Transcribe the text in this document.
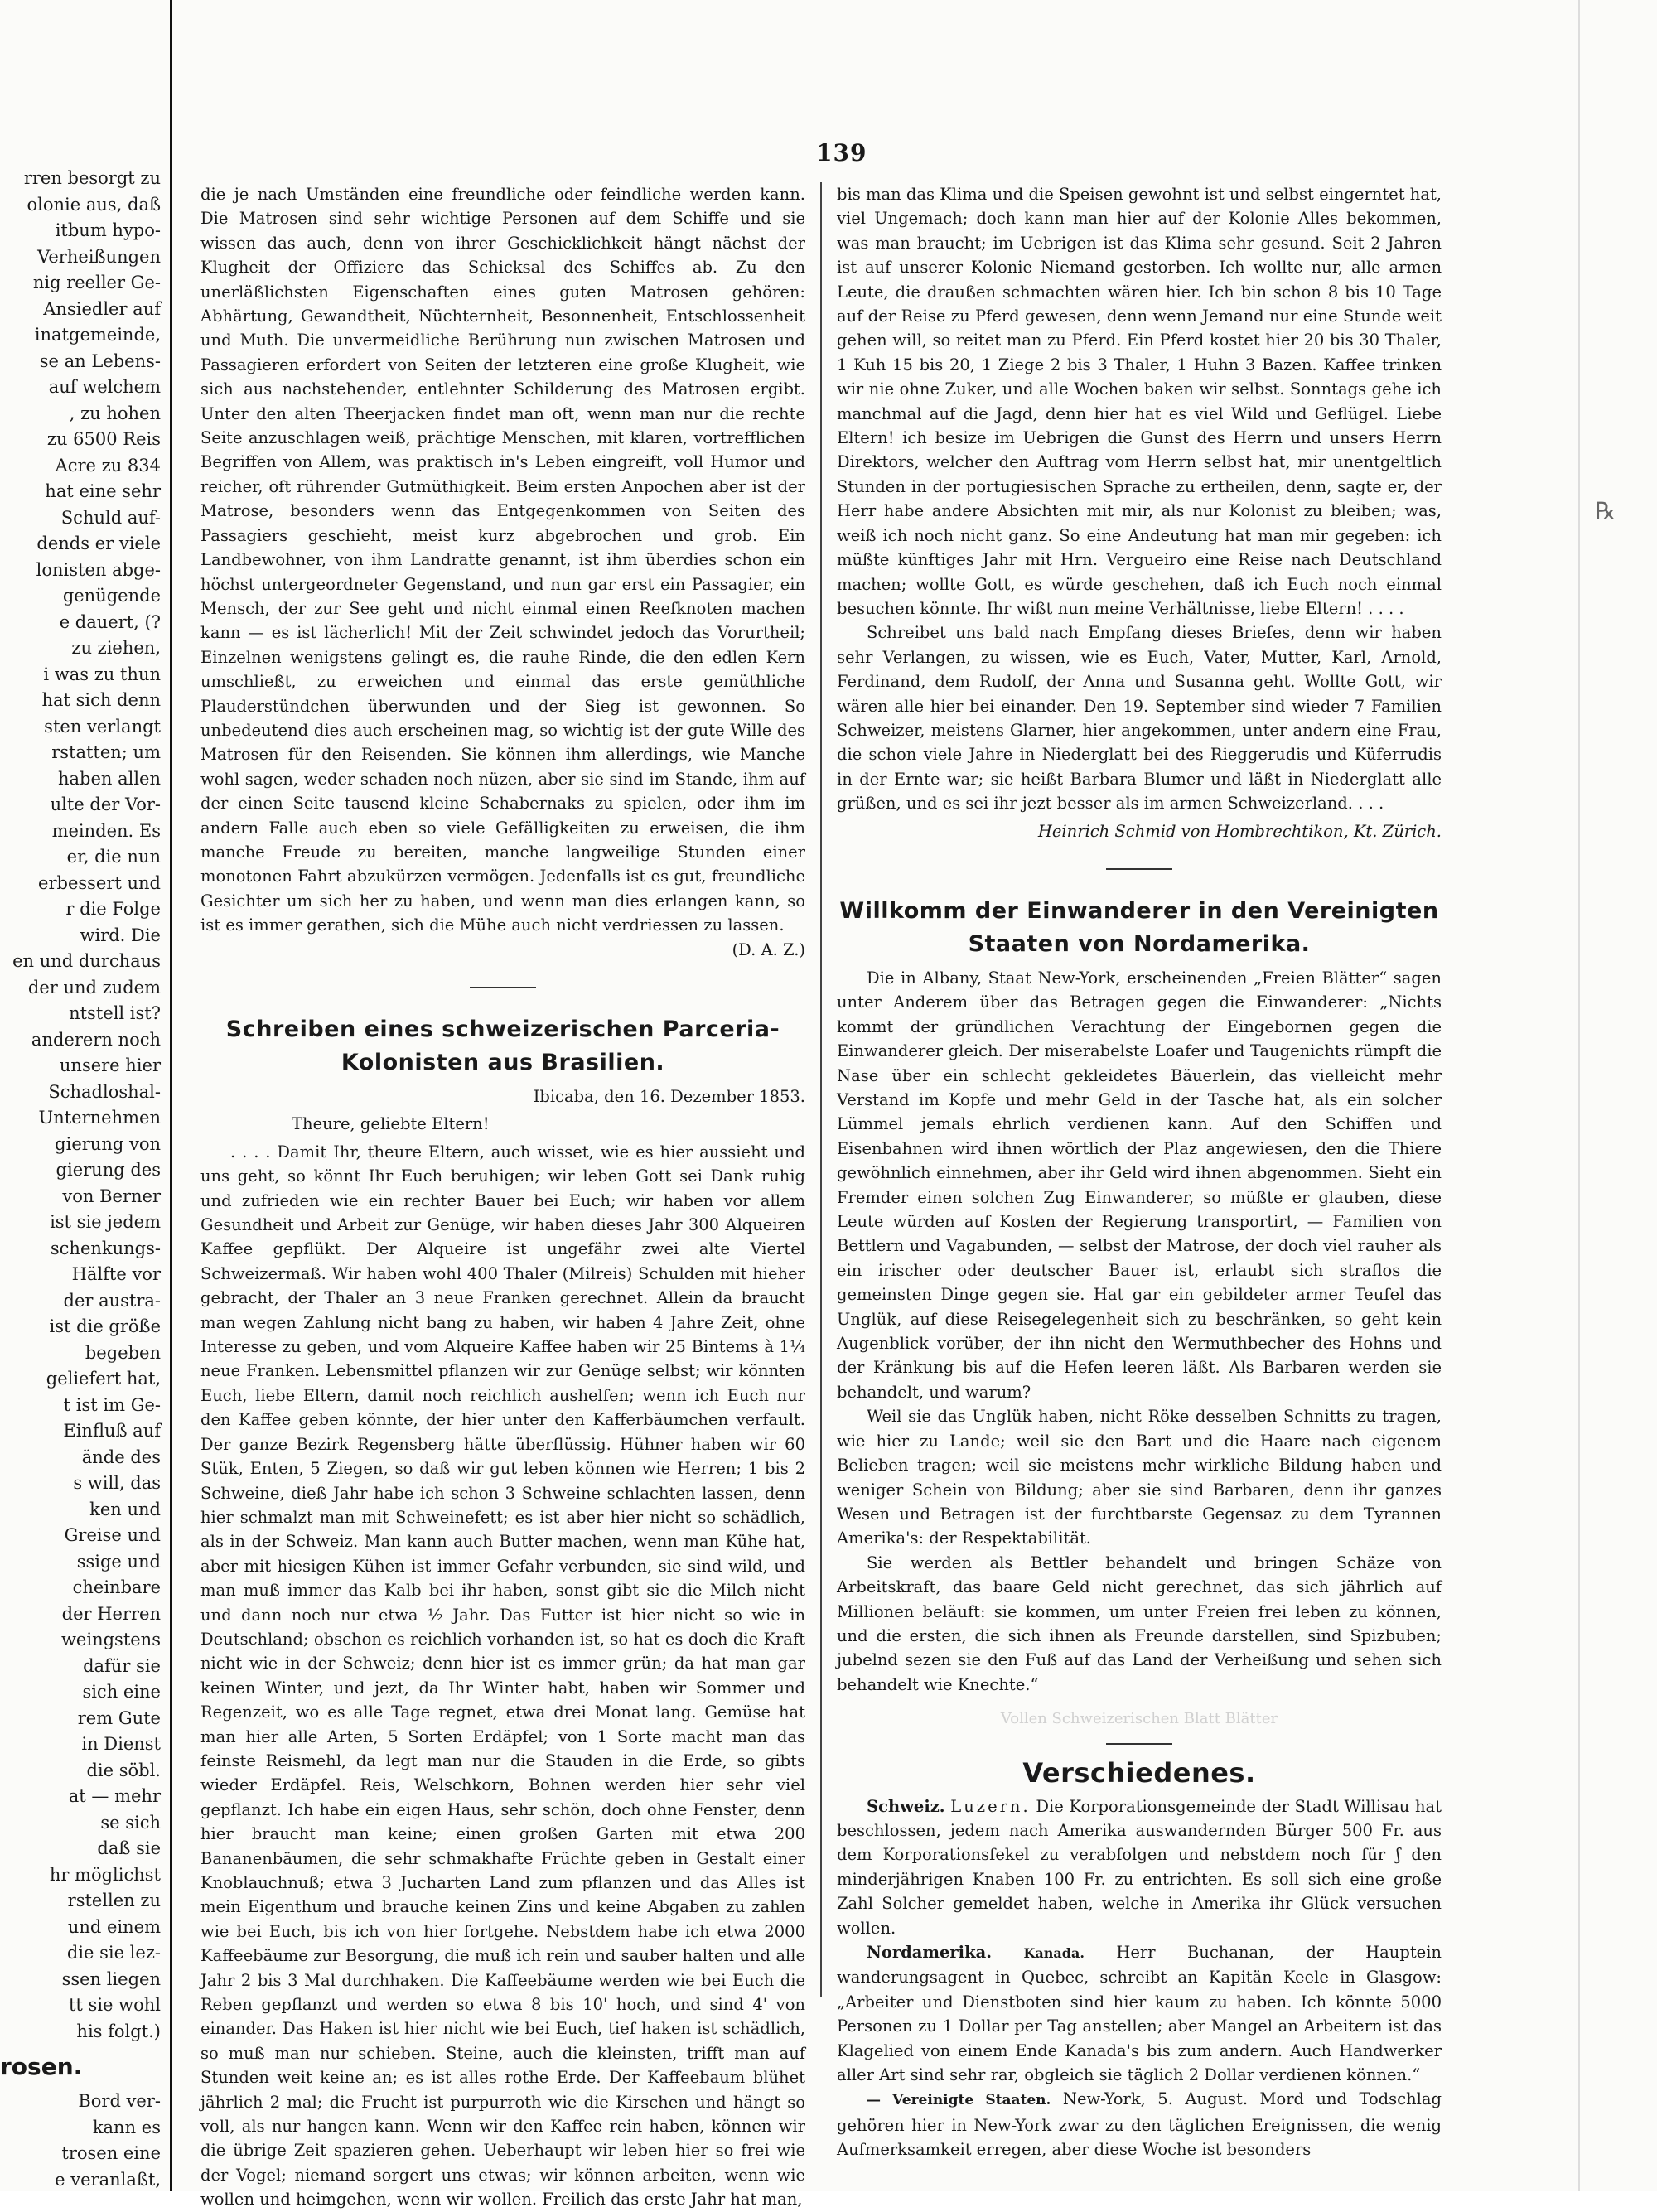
rren besorgt zu
olonie aus, daß
itbum hypo-
Verheißungen
nig reeller Ge-
Ansiedler auf
inatgemeinde,
se an Lebens-
auf welchem
, zu hohen
zu 6500 Reis
Acre zu 834
hat eine sehr
Schuld auf-
dends er viele
lonisten abge-
genügende
e dauert, (?
zu ziehen,
i was zu thun
hat sich denn
sten verlangt
rstatten; um
haben allen
ulte der Vor-
meinden. Es
er, die nun
erbessert und
r die Folge
wird. Die
en und durchaus
der und zudem
ntstell ist?
anderern noch
unsere hier
Schadloshal-
Unternehmen
gierung von
gierung des
von Berner
ist sie jedem
schenkungs-
Hälfte vor
der austra-
ist die größe
begeben
geliefert hat,
t ist im Ge-
Einfluß auf
ände des
s will, das
ken und
Greise und
ssige und
cheinbare
der Herren
weingstens
dafür sie
sich eine
rem Gute
in Dienst
die söbl.
at — mehr
se sich
daß sie
hr möglichst
rstellen zu
und einem
die sie lez-
ssen liegen
tt sie wohl
his folgt.)
rosen.
Bord ver-
kann es
trosen eine
e veranlaßt,
139

die je nach Umständen eine freundliche oder feindliche werden kann. Die Matrosen sind sehr wichtige Personen auf dem Schiffe und sie wissen das auch, denn von ihrer Geschicklichkeit hängt nächst der Klugheit der Offiziere das Schicksal des Schiffes ab. Zu den unerläßlichsten Eigenschaften eines guten Matrosen gehören: Abhärtung, Gewandtheit, Nüchternheit, Besonnenheit, Entschlossenheit und Muth. Die unvermeidliche Berührung nun zwischen Matrosen und Passagieren erfordert von Seiten der letzteren eine große Klugheit, wie sich aus nachstehender, entlehnter Schilderung des Matrosen ergibt. Unter den alten Theerjacken findet man oft, wenn man nur die rechte Seite anzuschlagen weiß, prächtige Menschen, mit klaren, vortrefflichen Begriffen von Allem, was praktisch in's Leben eingreift, voll Humor und reicher, oft rührender Gutmüthigkeit. Beim ersten Anpochen aber ist der Matrose, besonders wenn das Entgegenkommen von Seiten des Passagiers geschieht, meist kurz abgebrochen und grob. Ein Landbewohner, von ihm Landratte genannt, ist ihm überdies schon ein höchst untergeordneter Gegenstand, und nun gar erst ein Passagier, ein Mensch, der zur See geht und nicht einmal einen Reefknoten machen kann — es ist lächerlich! Mit der Zeit schwindet jedoch das Vorurtheil; Einzelnen wenigstens gelingt es, die rauhe Rinde, die den edlen Kern umschließt, zu erweichen und einmal das erste gemüthliche Plauderstündchen überwunden und der Sieg ist gewonnen. So unbedeutend dies auch erscheinen mag, so wichtig ist der gute Wille des Matrosen für den Reisenden. Sie können ihm allerdings, wie Manche wohl sagen, weder schaden noch nüzen, aber sie sind im Stande, ihm auf der einen Seite tausend kleine Schabernaks zu spielen, oder ihm im andern Falle auch eben so viele Gefälligkeiten zu erweisen, die ihm manche Freude zu bereiten, manche langweilige Stunden einer monotonen Fahrt abzukürzen vermögen. Jedenfalls ist es gut, freundliche Gesichter um sich her zu haben, und wenn man dies erlangen kann, so ist es immer gerathen, sich die Mühe auch nicht verdriessen zu lassen.

(D. A. Z.)
Schreiben eines schweizerischen Parceria-Kolonisten aus Brasilien.
Ibicaba, den 16. Dezember 1853.
Theure, geliebte Eltern!

. . . . Damit Ihr, theure Eltern, auch wisset, wie es hier aussieht und uns geht, so könnt Ihr Euch beruhigen; wir leben Gott sei Dank ruhig und zufrieden wie ein rechter Bauer bei Euch; wir haben vor allem Gesundheit und Arbeit zur Genüge, wir haben dieses Jahr 300 Alqueiren Kaffee gepflükt. Der Alqueire ist ungefähr zwei alte Viertel Schweizermaß. Wir haben wohl 400 Thaler (Milreis) Schulden mit hieher gebracht, der Thaler an 3 neue Franken gerechnet. Allein da braucht man wegen Zahlung nicht bang zu haben, wir haben 4 Jahre Zeit, ohne Interesse zu geben, und vom Alqueire Kaffee haben wir 25 Bintems à 1¼ neue Franken. Lebensmittel pflanzen wir zur Genüge selbst; wir könnten Euch, liebe Eltern, damit noch reichlich aushelfen; wenn ich Euch nur den Kaffee geben könnte, der hier unter den Kafferbäumchen verfault. Der ganze Bezirk Regensberg hätte überflüssig. Hühner haben wir 60 Stük, Enten, 5 Ziegen, so daß wir gut leben können wie Herren; 1 bis 2 Schweine, dieß Jahr habe ich schon 3 Schweine schlachten lassen, denn hier schmalzt man mit Schweinefett; es ist aber hier nicht so schädlich, als in der Schweiz. Man kann auch Butter machen, wenn man Kühe hat, aber mit hiesigen Kühen ist immer Gefahr verbunden, sie sind wild, und man muß immer das Kalb bei ihr haben, sonst gibt sie die Milch nicht und dann noch nur etwa ½ Jahr. Das Futter ist hier nicht so wie in Deutschland; obschon es reichlich vorhanden ist, so hat es doch die Kraft nicht wie in der Schweiz; denn hier ist es immer grün; da hat man gar keinen Winter, und jezt, da Ihr Winter habt, haben wir Sommer und Regenzeit, wo es alle Tage regnet, etwa drei Monat lang. Gemüse hat man hier alle Arten, 5 Sorten Erdäpfel; von 1 Sorte macht man das feinste Reismehl, da legt man nur die Stauden in die Erde, so gibts wieder Erdäpfel. Reis, Welschkorn, Bohnen werden hier sehr viel gepflanzt. Ich habe ein eigen Haus, sehr schön, doch ohne Fenster, denn hier braucht man keine; einen großen Garten mit etwa 200 Bananenbäumen, die sehr schmakhafte Früchte geben in Gestalt einer Knoblauchnuß; etwa 3 Jucharten Land zum pflanzen und das Alles ist mein Eigenthum und brauche keinen Zins und keine Abgaben zu zahlen wie bei Euch, bis ich von hier fortgehe. Nebstdem habe ich etwa 2000 Kaffeebäume zur Besorgung, die muß ich rein und sauber halten und alle Jahr 2 bis 3 Mal durchhaken. Die Kaffeebäume werden wie bei Euch die Reben gepflanzt und werden so etwa 8 bis 10' hoch, und sind 4' von einander. Das Haken ist hier nicht wie bei Euch, tief haken ist schädlich, so muß man nur schieben. Steine, auch die kleinsten, trifft man auf Stunden weit keine an; es ist alles rothe Erde. Der Kaffeebaum blühet jährlich 2 mal; die Frucht ist purpurroth wie die Kirschen und hängt so voll, als nur hangen kann. Wenn wir den Kaffee rein haben, können wir die übrige Zeit spazieren gehen. Ueberhaupt wir leben hier so frei wie der Vogel; niemand sorgert uns etwas; wir können arbeiten, wenn wie wollen und heimgehen, wenn wir wollen. Freilich das erste Jahr hat man,

bis man das Klima und die Speisen gewohnt ist und selbst eingerntet hat, viel Ungemach; doch kann man hier auf der Kolonie Alles bekommen, was man braucht; im Uebrigen ist das Klima sehr gesund. Seit 2 Jahren ist auf unserer Kolonie Niemand gestorben. Ich wollte nur, alle armen Leute, die draußen schmachten wären hier. Ich bin schon 8 bis 10 Tage auf der Reise zu Pferd gewesen, denn wenn Jemand nur eine Stunde weit gehen will, so reitet man zu Pferd. Ein Pferd kostet hier 20 bis 30 Thaler, 1 Kuh 15 bis 20, 1 Ziege 2 bis 3 Thaler, 1 Huhn 3 Bazen. Kaffee trinken wir nie ohne Zuker, und alle Wochen baken wir selbst. Sonntags gehe ich manchmal auf die Jagd, denn hier hat es viel Wild und Geflügel. Liebe Eltern! ich besize im Uebrigen die Gunst des Herrn und unsers Herrn Direktors, welcher den Auftrag vom Herrn selbst hat, mir unentgeltlich Stunden in der portugiesischen Sprache zu ertheilen, denn, sagte er, der Herr habe andere Absichten mit mir, als nur Kolonist zu bleiben; was, weiß ich noch nicht ganz. So eine Andeutung hat man mir gegeben: ich müßte künftiges Jahr mit Hrn. Vergueiro eine Reise nach Deutschland machen; wollte Gott, es würde geschehen, daß ich Euch noch einmal besuchen könnte. Ihr wißt nun meine Verhältnisse, liebe Eltern! . . . .

Schreibet uns bald nach Empfang dieses Briefes, denn wir haben sehr Verlangen, zu wissen, wie es Euch, Vater, Mutter, Karl, Arnold, Ferdinand, dem Rudolf, der Anna und Susanna geht. Wollte Gott, wir wären alle hier bei einander. Den 19. September sind wieder 7 Familien Schweizer, meistens Glarner, hier angekommen, unter andern eine Frau, die schon viele Jahre in Niederglatt bei des Rieggerudis und Küferrudis in der Ernte war; sie heißt Barbara Blumer und läßt in Niederglatt alle grüßen, und es sei ihr jezt besser als im armen Schweizerland. . . .

Heinrich Schmid von Hombrechtikon, Kt. Zürich.
Willkomm der Einwanderer in den Vereinigten Staaten von Nordamerika.

Die in Albany, Staat New-York, erscheinenden „Freien Blätter“ sagen unter Anderem über das Betragen gegen die Einwanderer: „Nichts kommt der gründlichen Verachtung der Eingebornen gegen die Einwanderer gleich. Der miserabelste Loafer und Taugenichts rümpft die Nase über ein schlecht gekleidetes Bäuerlein, das vielleicht mehr Verstand im Kopfe und mehr Geld in der Tasche hat, als ein solcher Lümmel jemals ehrlich verdienen kann. Auf den Schiffen und Eisenbahnen wird ihnen wörtlich der Plaz angewiesen, den die Thiere gewöhnlich einnehmen, aber ihr Geld wird ihnen abgenommen. Sieht ein Fremder einen solchen Zug Einwanderer, so müßte er glauben, diese Leute würden auf Kosten der Regierung transportirt, — Familien von Bettlern und Vagabunden, — selbst der Matrose, der doch viel rauher als ein irischer oder deutscher Bauer ist, erlaubt sich straflos die gemeinsten Dinge gegen sie. Hat gar ein gebildeter armer Teufel das Unglük, auf diese Reisegelegenheit sich zu beschränken, so geht kein Augenblick vorüber, der ihn nicht den Wermuthbecher des Hohns und der Kränkung bis auf die Hefen leeren läßt. Als Barbaren werden sie behandelt, und warum?

Weil sie das Unglük haben, nicht Röke desselben Schnitts zu tragen, wie hier zu Lande; weil sie den Bart und die Haare nach eigenem Belieben tragen; weil sie meistens mehr wirkliche Bildung haben und weniger Schein von Bildung; aber sie sind Barbaren, denn ihr ganzes Wesen und Betragen ist der furchtbarste Gegensaz zu dem Tyrannen Amerika's: der Respektabilität.

Sie werden als Bettler behandelt und bringen Schäze von Arbeitskraft, das baare Geld nicht gerechnet, das sich jährlich auf Millionen beläuft: sie kommen, um unter Freien frei leben zu können, und die ersten, die sich ihnen als Freunde darstellen, sind Spizbuben; jubelnd sezen sie den Fuß auf das Land der Verheißung und sehen sich behandelt wie Knechte.“

Vollen Schweizerischen Blatt Blätter
Verschiedenes.

Schweiz. Luzern. Die Korporationsgemeinde der Stadt Willisau hat beschlossen, jedem nach Amerika auswandernden Bürger 500 Fr. aus dem Korporationsfekel zu verabfolgen und nebstdem noch für ʃ den minderjährigen Knaben 100 Fr. zu entrichten. Es soll sich eine große Zahl Solcher gemeldet haben, welche in Amerika ihr Glück versuchen wollen.

Nordamerika. Kanada. Herr Buchanan, der Hauptein wanderungsagent in Quebec, schreibt an Kapitän Keele in Glasgow: „Arbeiter und Dienstboten sind hier kaum zu haben. Ich könnte 5000 Personen zu 1 Dollar per Tag anstellen; aber Mangel an Arbeitern ist das Klagelied von einem Ende Kanada's bis zum andern. Auch Handwerker aller Art sind sehr rar, obgleich sie täglich 2 Dollar verdienen können.“

— Vereinigte Staaten. New-York, 5. August. Mord und Todschlag gehören hier in New-York zwar zu den täglichen Ereignissen, die wenig Aufmerksamkeit erregen, aber diese Woche ist besonders

℞
